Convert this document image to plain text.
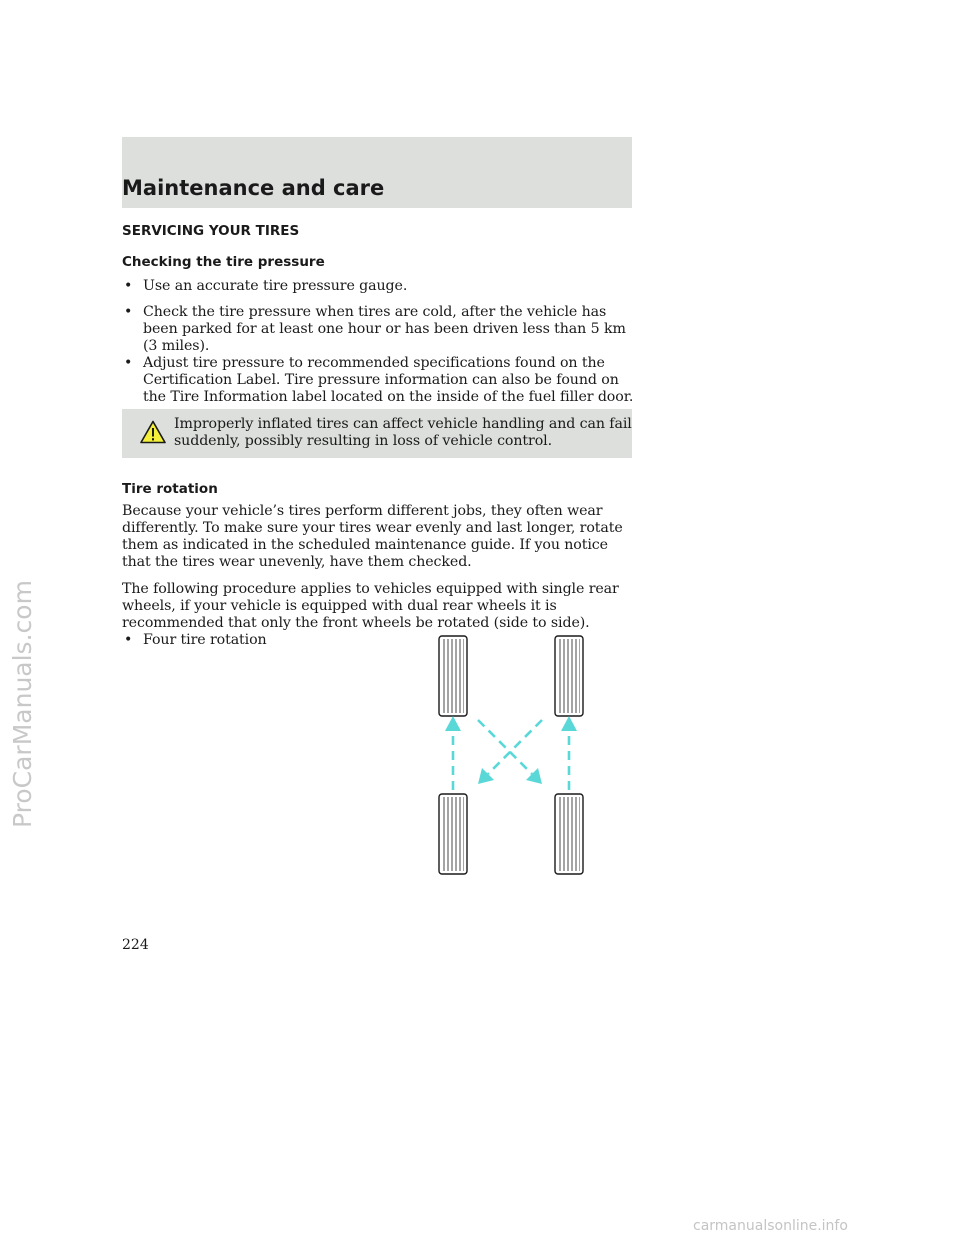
Maintenance and care
SERVICING YOUR TIRES
Checking the tire pressure
• Use an accurate tire pressure gauge.
• Check the tire pressure when tires are cold, after the vehicle has been parked for at least one hour or has been driven less than 5 km (3 miles).
• Adjust tire pressure to recommended specifications found on the Certification Label. Tire pressure information can also be found on the Tire Information label located on the inside of the fuel filler door.
Improperly inflated tires can affect vehicle handling and can fail suddenly, possibly resulting in loss of vehicle control.
Tire rotation
Because your vehicle’s tires perform different jobs, they often wear differently. To make sure your tires wear evenly and last longer, rotate them as indicated in the scheduled maintenance guide. If you notice that the tires wear unevenly, have them checked.
The following procedure applies to vehicles equipped with single rear wheels, if your vehicle is equipped with dual rear wheels it is recommended that only the front wheels be rotated (side to side).
• Four tire rotation
224
ProCarManuals.com
carmanualsonline.info
